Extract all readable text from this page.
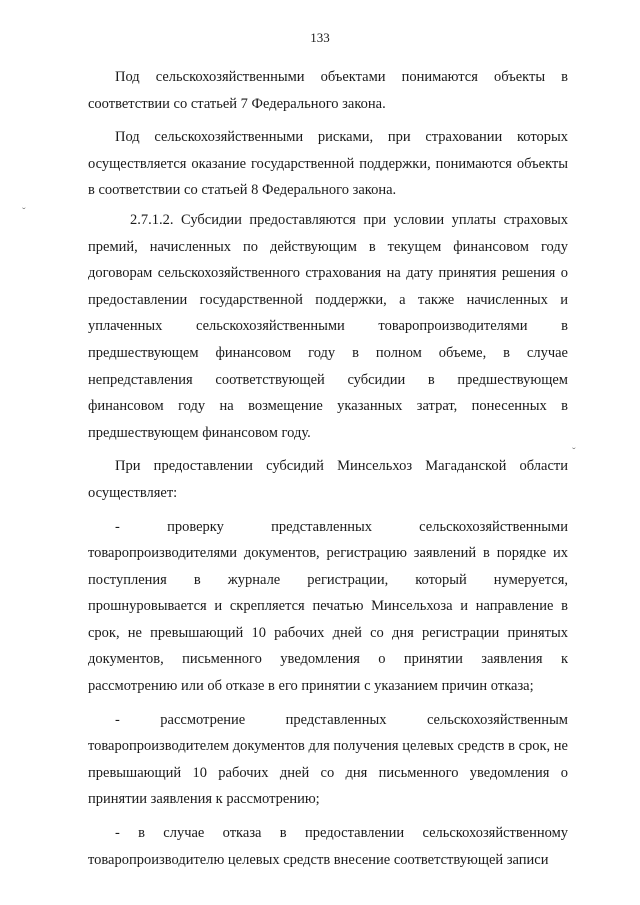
133

Под сельскохозяйственными объектами понимаются объекты в соответствии со статьей 7 Федерального закона.

Под сельскохозяйственными рисками, при страховании которых осуществляется оказание государственной поддержки, понимаются объекты в соответствии со статьей 8 Федерального закона.

2.7.1.2. Субсидии предоставляются при условии уплаты страховых премий, начисленных по действующим в текущем финансовом году договорам сельскохозяйственного страхования на дату принятия решения о предоставлении государственной поддержки, а также начисленных и уплаченных сельскохозяйственными товаропроизводителями в предшествующем финансовом году в полном объеме, в случае непредставления соответствующей субсидии в предшествующем финансовом году на возмещение указанных затрат, понесенных в предшествующем финансовом году.

При предоставлении субсидий Минсельхоз Магаданской области осуществляет:

- проверку представленных сельскохозяйственными товаропроизводителями документов, регистрацию заявлений в порядке их поступления в журнале регистрации, который нумеруется, прошнуровывается и скрепляется печатью Минсельхоза и направление в срок, не превышающий 10 рабочих дней со дня регистрации принятых документов, письменного уведомления о принятии заявления к рассмотрению или об отказе в его принятии с указанием причин отказа;

- рассмотрение представленных сельскохозяйственным товаропроизводителем документов для получения целевых средств в срок, не превышающий 10 рабочих дней со дня письменного уведомления о принятии заявления к рассмотрению;

- в случае отказа в предоставлении сельскохозяйственному товаропроизводителю целевых средств внесение соответствующей записи

ˇ
ˇ
